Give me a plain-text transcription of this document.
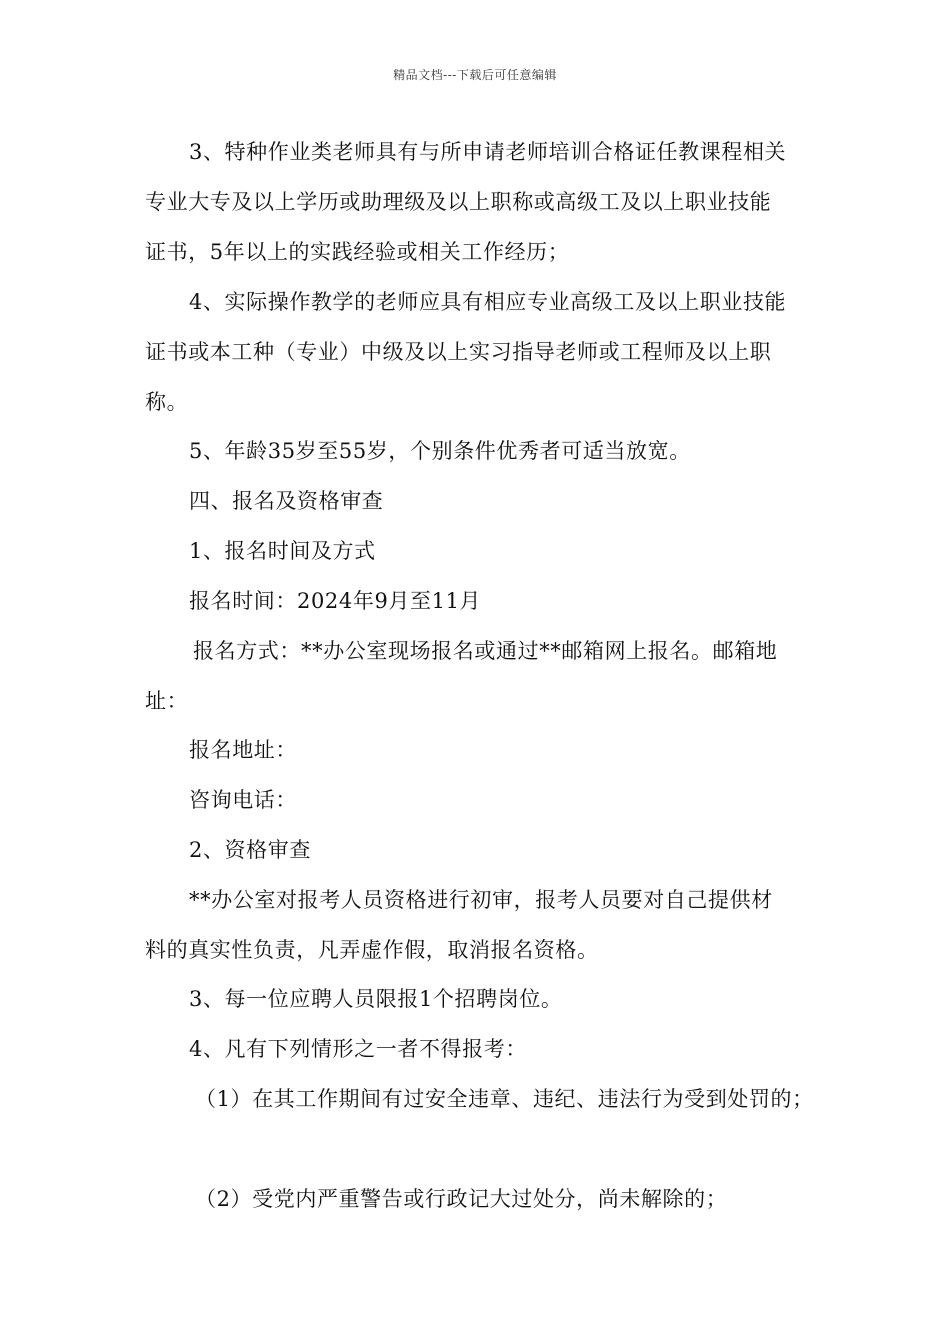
精品文档---下载后可任意编辑
3、特种作业类老师具有与所申请老师培训合格证任教课程相关
专业大专及以上学历或助理级及以上职称或高级工及以上职业技能
证书，5年以上的实践经验或相关工作经历；
4、实际操作教学的老师应具有相应专业高级工及以上职业技能
证书或本工种（专业）中级及以上实习指导老师或工程师及以上职
称。
5、年龄35岁至55岁，个别条件优秀者可适当放宽。
四、报名及资格审查
1、报名时间及方式
报名时间：2024年9月至11月
报名方式：**办公室现场报名或通过**邮箱网上报名。邮箱地
址：
报名地址：
咨询电话：
2、资格审查
**办公室对报考人员资格进行初审，报考人员要对自己提供材
料的真实性负责，凡弄虚作假，取消报名资格。
3、每一位应聘人员限报1个招聘岗位。
4、凡有下列情形之一者不得报考：
（1）在其工作期间有过安全违章、违纪、违法行为受到处罚的；
（2）受党内严重警告或行政记大过处分，尚未解除的；
